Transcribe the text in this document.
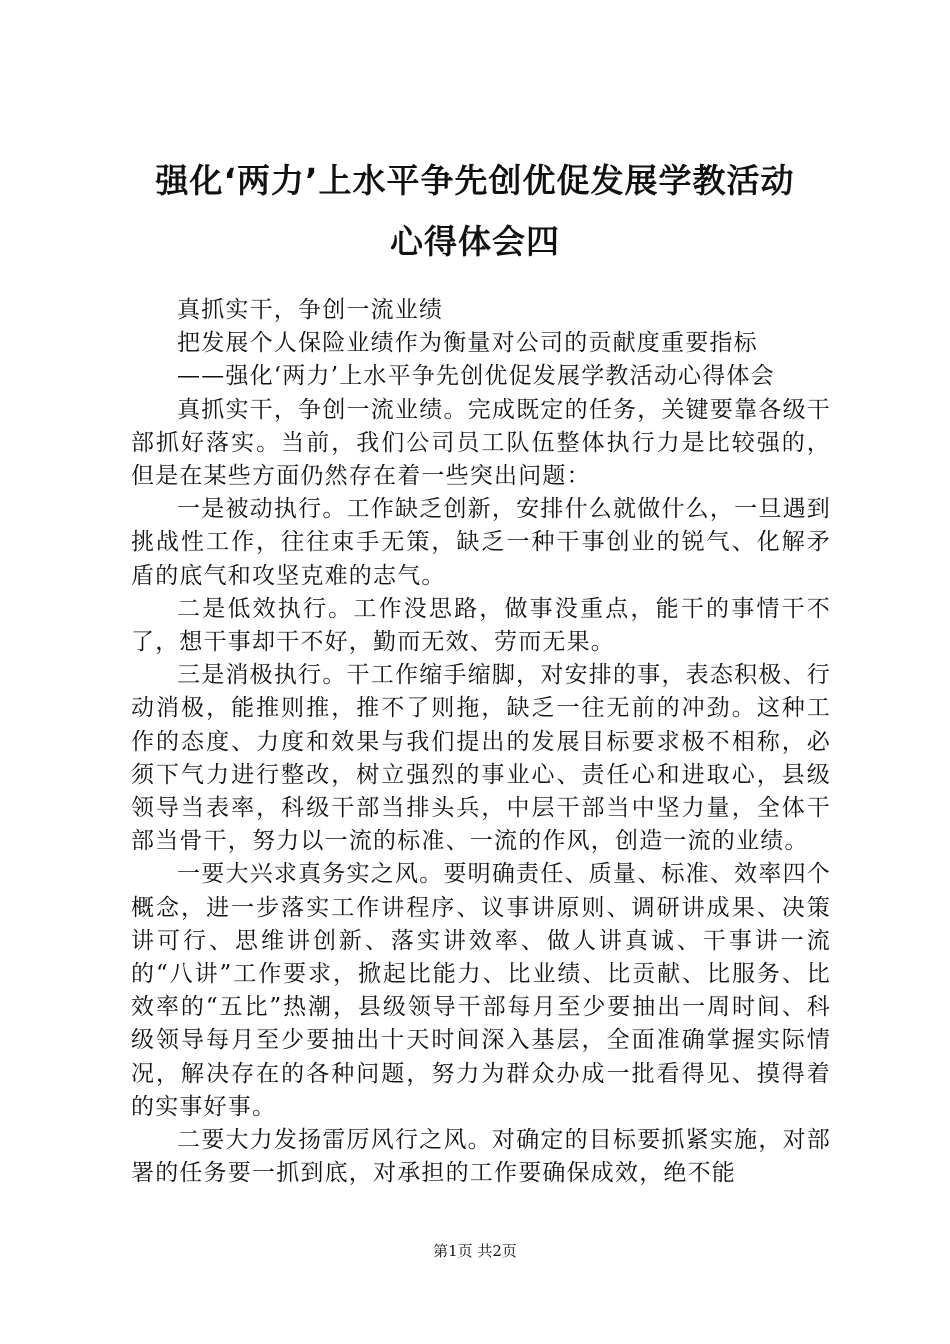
强化‘两力’上水平争先创优促发展学教活动
心得体会四

真抓实干，争创一流业绩

把发展个人保险业绩作为衡量对公司的贡献度重要指标

——强化‘两力’上水平争先创优促发展学教活动心得体会

真抓实干，争创一流业绩。完成既定的任务，关键要靠各级干部抓好落实。当前，我们公司员工队伍整体执行力是比较强的，但是在某些方面仍然存在着一些突出问题：

一是被动执行。工作缺乏创新，安排什么就做什么，一旦遇到挑战性工作，往往束手无策，缺乏一种干事创业的锐气、化解矛盾的底气和攻坚克难的志气。

二是低效执行。工作没思路，做事没重点，能干的事情干不了，想干事却干不好，勤而无效、劳而无果。

三是消极执行。干工作缩手缩脚，对安排的事，表态积极、行动消极，能推则推，推不了则拖，缺乏一往无前的冲劲。这种工作的态度、力度和效果与我们提出的发展目标要求极不相称，必须下气力进行整改，树立强烈的事业心、责任心和进取心，县级领导当表率，科级干部当排头兵，中层干部当中坚力量，全体干部当骨干，努力以一流的标准、一流的作风，创造一流的业绩。

一要大兴求真务实之风。要明确责任、质量、标准、效率四个概念，进一步落实工作讲程序、议事讲原则、调研讲成果、决策讲可行、思维讲创新、落实讲效率、做人讲真诚、干事讲一流的“八讲”工作要求，掀起比能力、比业绩、比贡献、比服务、比效率的“五比”热潮，县级领导干部每月至少要抽出一周时间、科级领导每月至少要抽出十天时间深入基层，全面准确掌握实际情况，解决存在的各种问题，努力为群众办成一批看得见、摸得着的实事好事。

二要大力发扬雷厉风行之风。对确定的目标要抓紧实施，对部署的任务要一抓到底，对承担的工作要确保成效，绝不能

第1页 共2页
